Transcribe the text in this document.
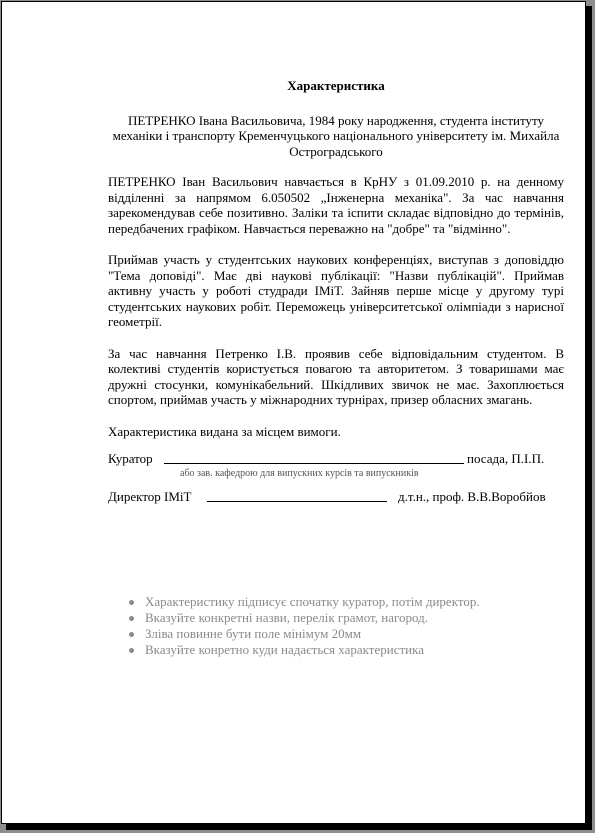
Характеристика
ПЕТРЕНКО Івана Васильовича, 1984 року народження, студента інституту механіки і транспорту Кременчуцького національного університету ім. Михайла Остроградського

ПЕТРЕНКО Іван Васильович навчається в КрНУ з 01.09.2010 р. на денному відділенні за напрямом 6.050502 „Інженерна механіка". За час навчання зарекомендував себе позитивно. Заліки та іспити складає відповідно до термінів, передбачених графіком. Навчається переважно на "добре" та "відмінно".

Приймав участь у студентських наукових конференціях, виступав з доповіддю "Тема доповіді". Має дві наукові публікації: "Назви публікацій". Приймав активну участь у роботі студради ІМіТ. Зайняв перше місце у другому турі студентських наукових робіт. Переможець університетської олімпіади з нарисної геометрії.

За час навчання Петренко І.В. проявив себе відповідальним студентом. В колективі студентів користується повагою та авторитетом. З товаришами має дружні стосунки, комунікабельний. Шкідливих звичок не має. Захоплюється спортом, приймав участь у міжнародних турнірах, призер обласних змагань.

Характеристика видана за місцем вимоги.
Куратор	посада, П.І.П.
або зав. кафедрою для випускних курсів та випускників
Директор ІМіТ	д.т.н., проф. В.В.Воробйов
Характеристику підписує спочатку куратор, потім директор.
Вказуйте конкретні назви, перелік грамот, нагород.
Зліва повинне бути поле мінімум 20мм
Вказуйте конретно куди надається характеристика
